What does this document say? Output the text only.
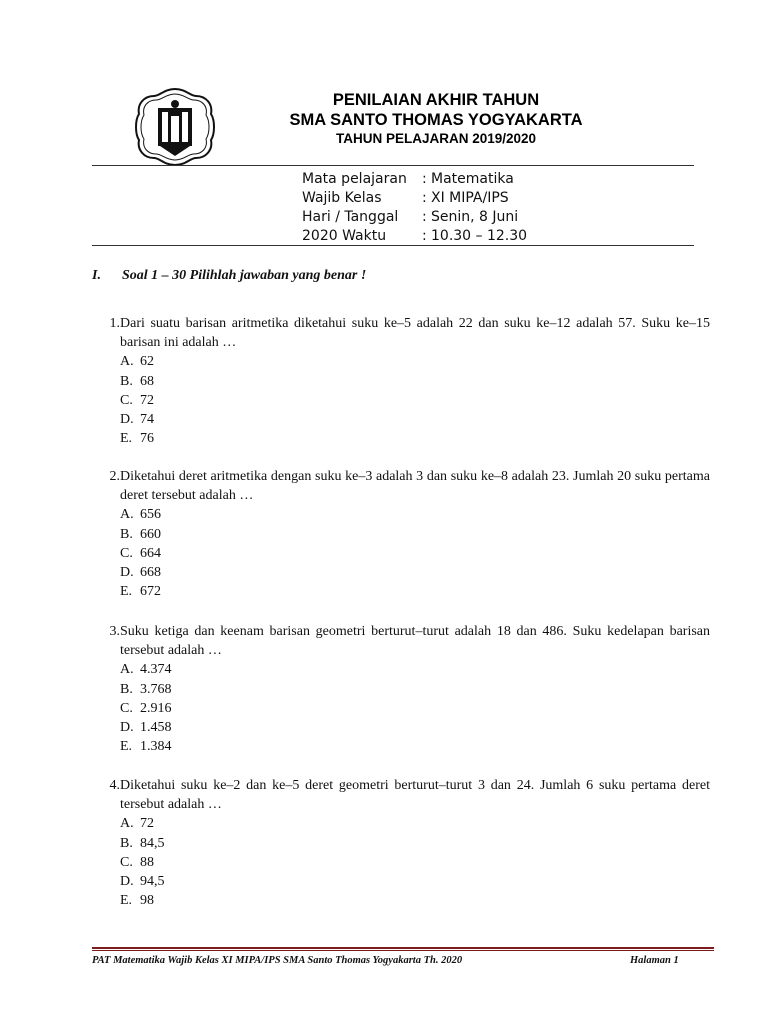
PENILAIAN AKHIR TAHUN
SMA SANTO THOMAS YOGYAKARTA
TAHUN PELAJARAN 2019/2020
Mata pelajaran	: Matematika
Wajib Kelas	: XI MIPA/IPS
Hari / Tanggal	: Senin, 8 Juni
2020 Waktu	: 10.30 – 12.30
I. Soal 1 – 30 Pilihlah jawaban yang benar !
1. Dari suatu barisan aritmetika diketahui suku ke–5 adalah 22 dan suku ke–12 adalah 57. Suku ke–15 barisan ini adalah …
A. 62
B. 68
C. 72
D. 74
E. 76
2. Diketahui deret aritmetika dengan suku ke–3 adalah 3 dan suku ke–8 adalah 23. Jumlah 20 suku pertama deret tersebut adalah …
A. 656
B. 660
C. 664
D. 668
E. 672
3. Suku ketiga dan keenam barisan geometri berturut–turut adalah 18 dan 486. Suku kedelapan barisan tersebut adalah …
A. 4.374
B. 3.768
C. 2.916
D. 1.458
E. 1.384
4. Diketahui suku ke–2 dan ke–5 deret geometri berturut–turut 3 dan 24. Jumlah 6 suku pertama deret tersebut adalah …
A. 72
B. 84,5
C. 88
D. 94,5
E. 98
PAT Matematika Wajib Kelas XI MIPA/IPS SMA Santo Thomas Yogyakarta Th. 2020	Halaman 1
